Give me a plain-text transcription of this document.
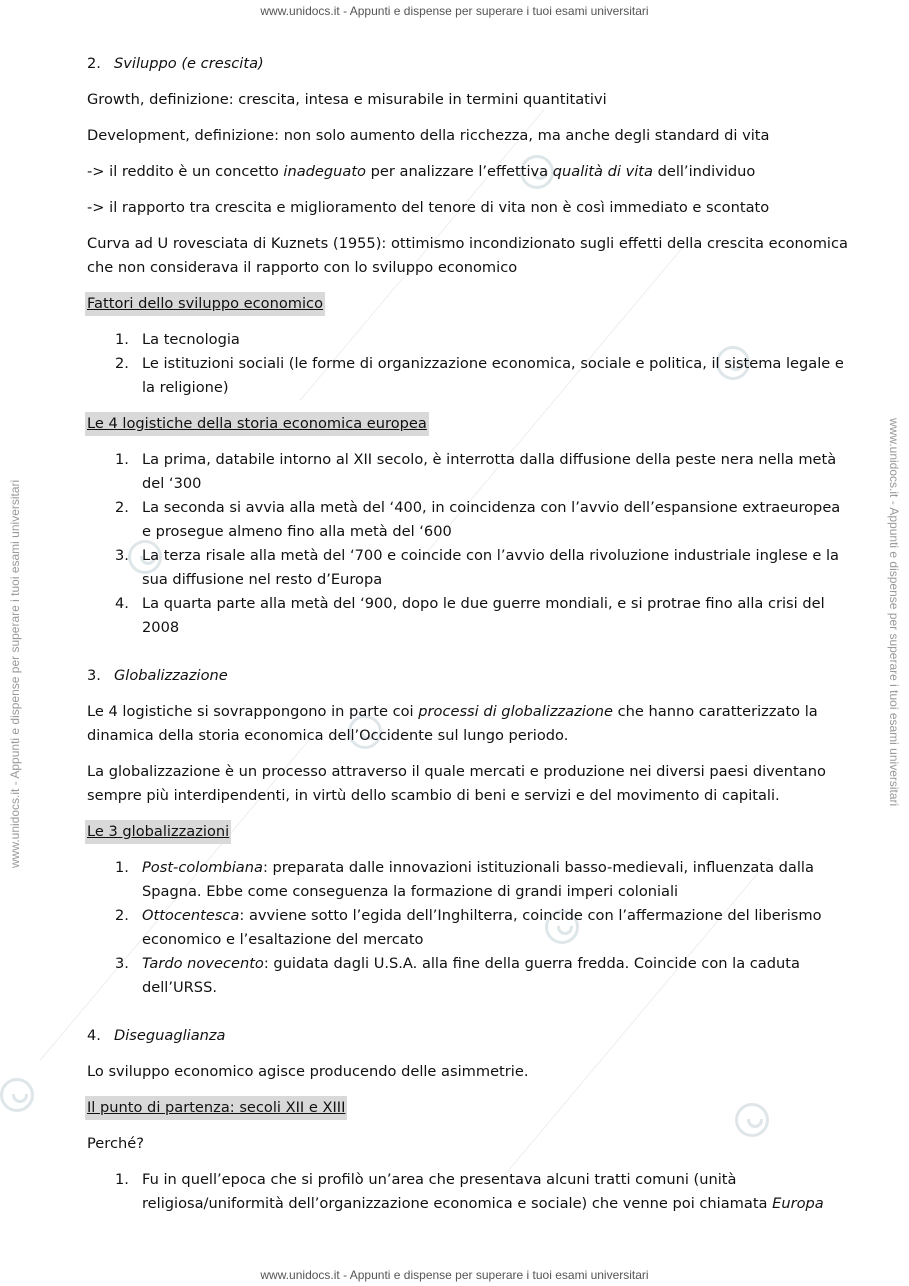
www.unidocs.it - Appunti e dispense per superare i tuoi esami universitari
www.unidocs.it - Appunti e dispense per superare i tuoi esami universitari
www.unidocs.it - Appunti e dispense per superare i tuoi esami universitari	www.unidocs.it - Appunti e dispense per superare i tuoi esami universitari

2. Sviluppo (e crescita)

Growth, definizione: crescita, intesa e misurabile in termini quantitativi

Development, definizione: non solo aumento della ricchezza, ma anche degli standard di vita

-> il reddito è un concetto inadeguato per analizzare l’effettiva qualità di vita dell’individuo

-> il rapporto tra crescita e miglioramento del tenore di vita non è così immediato e scontato

Curva ad U rovesciata di Kuznets (1955): ottimismo incondizionato sugli effetti della crescita economica che non considerava il rapporto con lo sviluppo economico

Fattori dello sviluppo economico
1. La tecnologia
2. Le istituzioni sociali (le forme di organizzazione economica, sociale e politica, il sistema legale e la religione)
Le 4 logistiche della storia economica europea
1. La prima, databile intorno al XII secolo, è interrotta dalla diffusione della peste nera nella metà del ‘300
2. La seconda si avvia alla metà del ‘400, in coincidenza con l’avvio dell’espansione extraeuropea e prosegue almeno fino alla metà del ‘600
3. La terza risale alla metà del ‘700 e coincide con l’avvio della rivoluzione industriale inglese e la sua diffusione nel resto d’Europa
4. La quarta parte alla metà del ‘900, dopo le due guerre mondiali, e si protrae fino alla crisi del 2008

3. Globalizzazione

Le 4 logistiche si sovrappongono in parte coi processi di globalizzazione che hanno caratterizzato la dinamica della storia economica dell’Occidente sul lungo periodo.

La globalizzazione è un processo attraverso il quale mercati e produzione nei diversi paesi diventano sempre più interdipendenti, in virtù dello scambio di beni e servizi e del movimento di capitali.

Le 3 globalizzazioni
1. Post-colombiana: preparata dalle innovazioni istituzionali basso-medievali, influenzata dalla Spagna. Ebbe come conseguenza la formazione di grandi imperi coloniali
2. Ottocentesca: avviene sotto l’egida dell’Inghilterra, coincide con l’affermazione del liberismo economico e l’esaltazione del mercato
3. Tardo novecento: guidata dagli U.S.A. alla fine della guerra fredda. Coincide con la caduta dell’URSS.

4. Diseguaglianza

Lo sviluppo economico agisce producendo delle asimmetrie.

Il punto di partenza: secoli XII e XIII

Perché?

1. Fu in quell’epoca che si profilò un’area che presentava alcuni tratti comuni (unità religiosa/uniformità dell’organizzazione economica e sociale) che venne poi chiamata Europa
